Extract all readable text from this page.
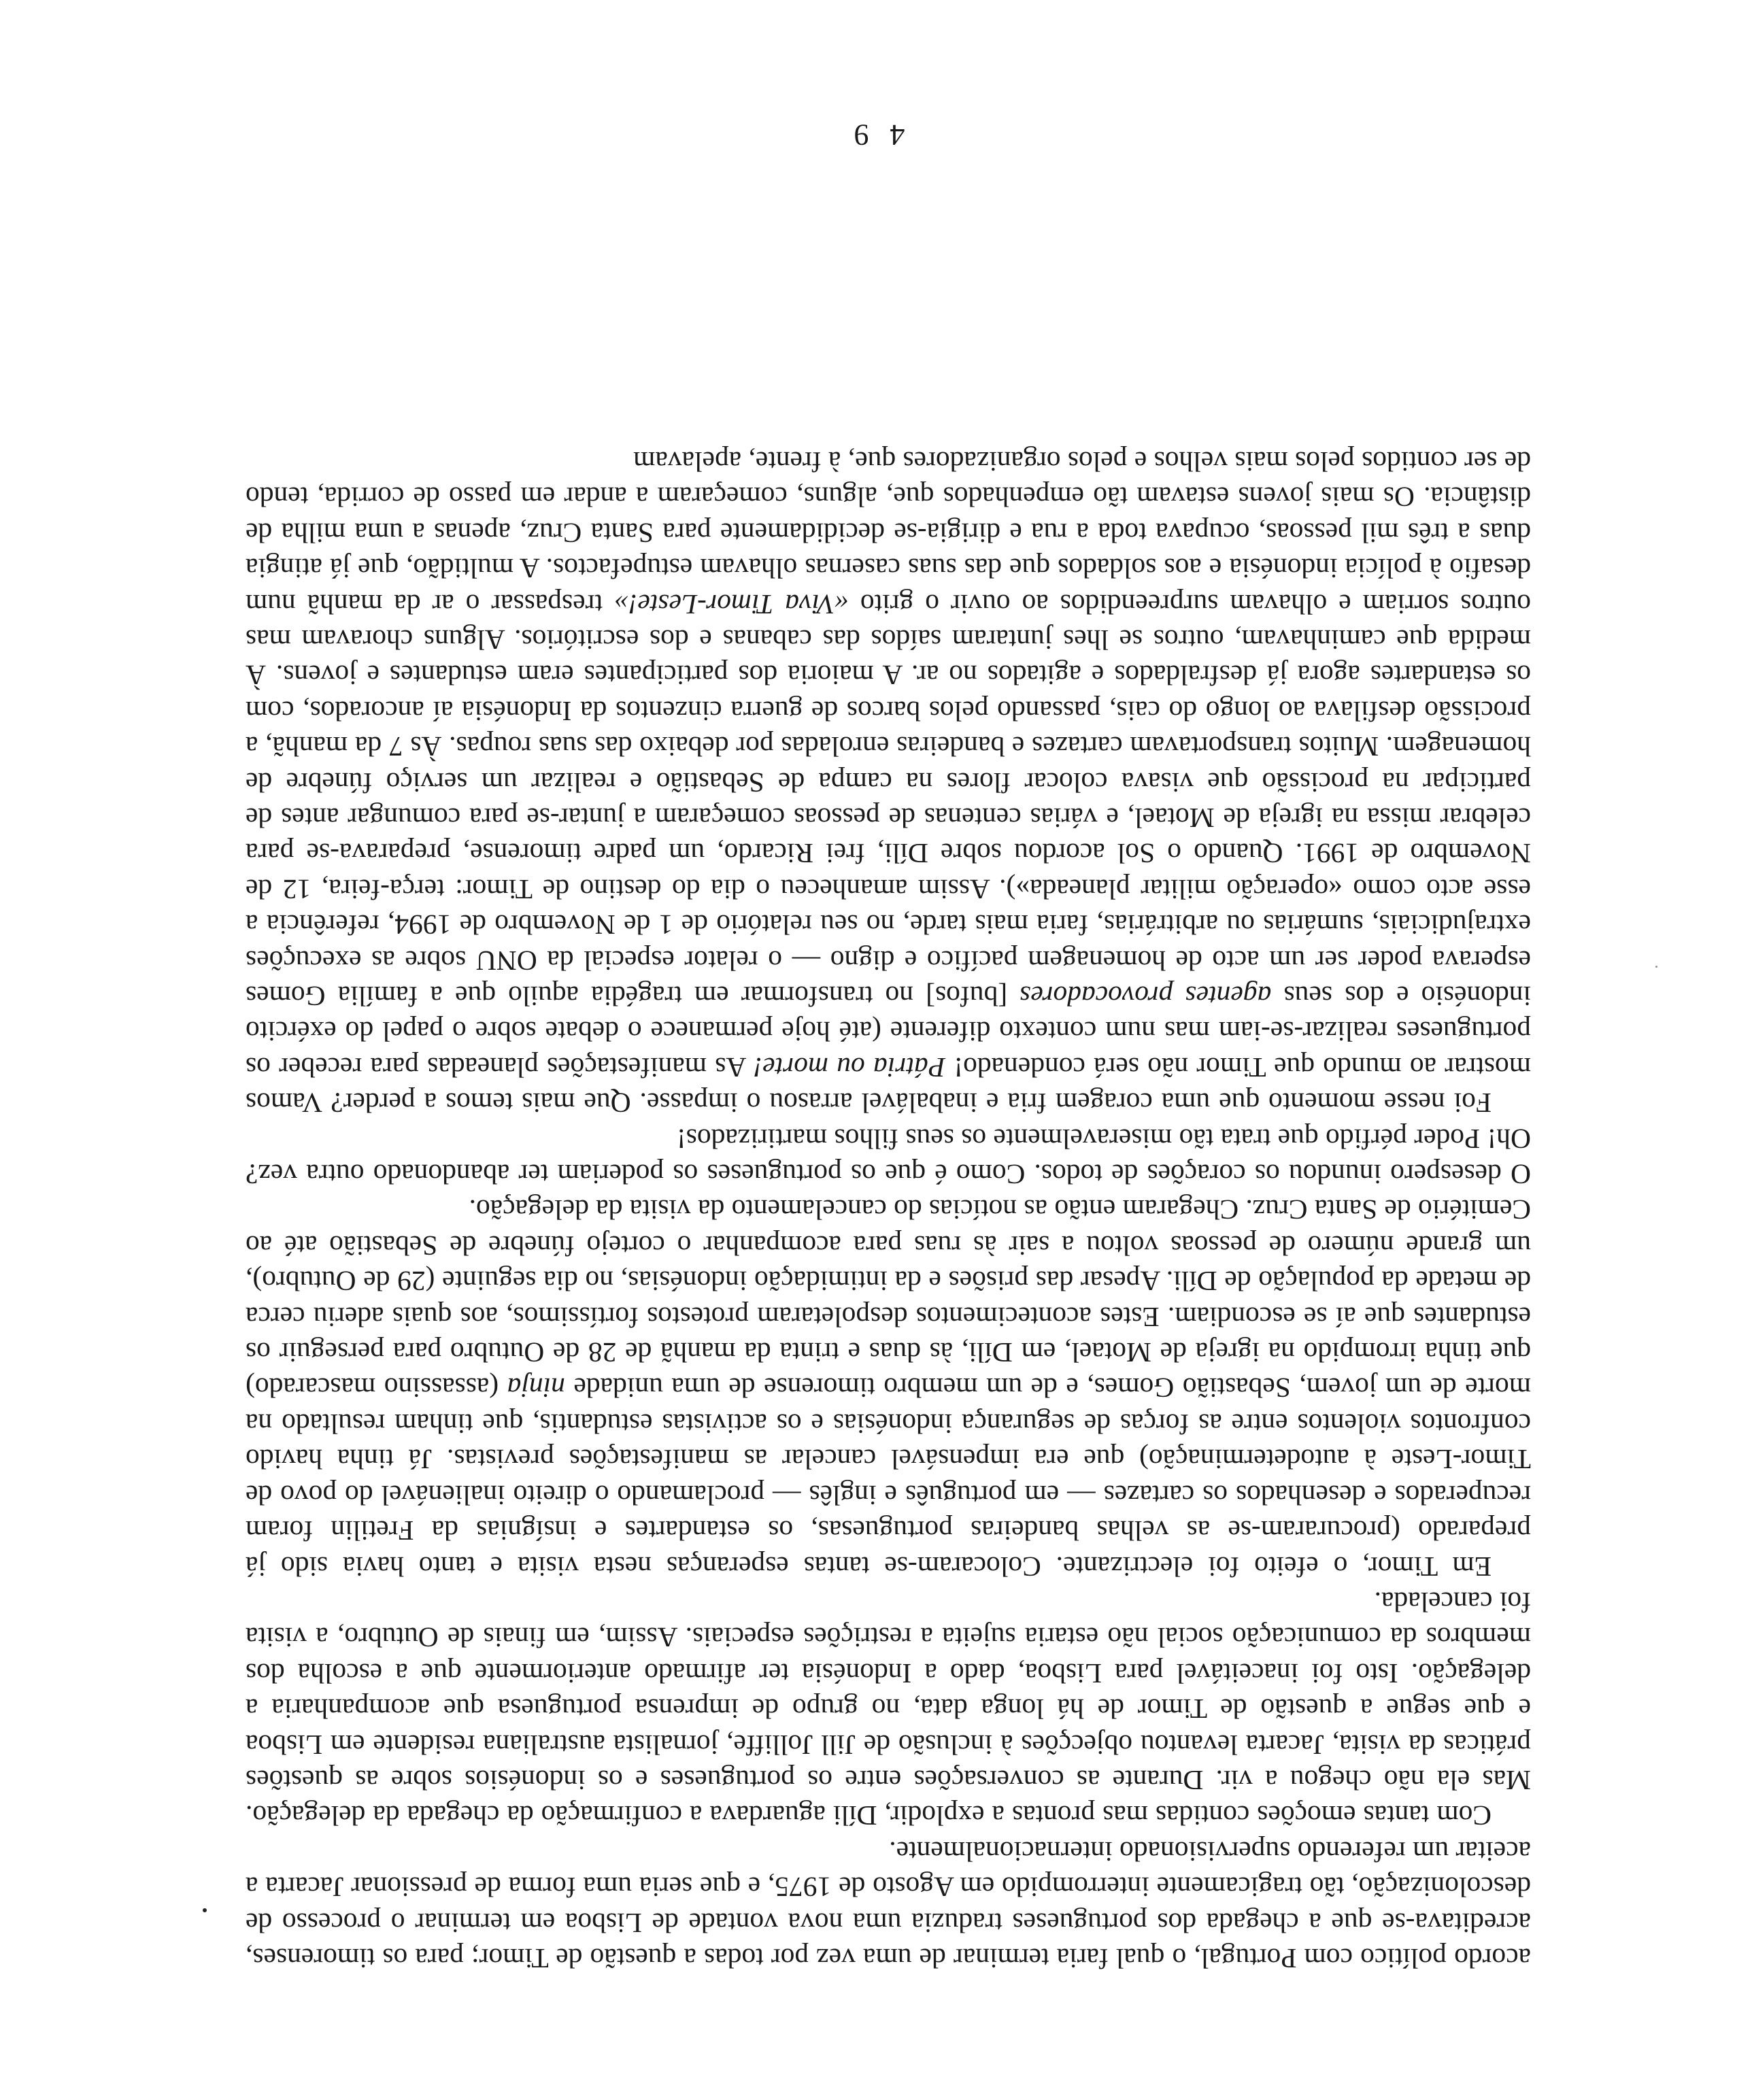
acordo político com Portugal, o qual faria terminar de uma vez por todas a questão de Timor; para os timorenses, acreditava-se que a chegada dos portugueses traduzia uma nova vontade de Lisboa em terminar o processo de descolonização, tão tragicamente interrompido em Agosto de 1975, e que seria uma forma de pressionar Jacarta a aceitar um referendo supervisionado internacionalmente.

Com tantas emoções contidas mas prontas a explodir, Díli aguardava a confirmação da chegada da delegação. Mas ela não chegou a vir. Durante as conversações entre os portugueses e os indonésios sobre as questões práticas da visita, Jacarta levantou objecções à inclusão de Jill Jolliffe, jornalista australiana residente em Lisboa e que segue a questão de Timor de há longa data, no grupo de imprensa portuguesa que acompanharia a delegação. Isto foi inaceitável para Lisboa, dado a Indonésia ter afirmado anteriormente que a escolha dos membros da comunicação social não estaria sujeita a restrições especiais. Assim, em finais de Outubro, a visita foi cancelada.

Em Timor, o efeito foi electrizante. Colocaram-se tantas esperanças nesta visita e tanto havia sido já preparado (procuraram-se as velhas bandeiras portuguesas, os estandartes e insígnias da Fretilin foram recuperados e desenhados os cartazes — em português e inglês — proclamando o direito inalienável do povo de Timor-Leste à autodeterminação) que era impensável cancelar as manifestações previstas. Já tinha havido confrontos violentos entre as forças de segurança indonésias e os activistas estudantis, que tinham resultado na morte de um jovem, Sebastião Gomes, e de um membro timorense de uma unidade ninja (assassino mascarado) que tinha irrompido na igreja de Motael, em Díli, às duas e trinta da manhã de 28 de Outubro para perseguir os estudantes que aí se escondiam. Estes acontecimentos despoletaram protestos fortíssimos, aos quais aderiu cerca de metade da população de Díli. Apesar das prisões e da intimidação indonésias, no dia seguinte (29 de Outubro), um grande número de pessoas voltou a sair às ruas para acompanhar o cortejo fúnebre de Sebastião até ao Cemitério de Santa Cruz. Chegaram então as notícias do cancelamento da visita da delegação.

O desespero inundou os corações de todos. Como é que os portugueses os poderiam ter abandonado outra vez? Oh! Poder pérfido que trata tão miseravelmente os seus filhos martirizados!

Foi nesse momento que uma coragem fria e inabalável arrasou o impasse. Que mais temos a perder? Vamos mostrar ao mundo que Timor não será condenado! Pátria ou morte! As manifestações planeadas para receber os portugueses realizar-se-iam mas num contexto diferente (até hoje permanece o debate sobre o papel do exército indonésio e dos seus agentes provocadores [bufos] no transformar em tragédia aquilo que a família Gomes esperava poder ser um acto de homenagem pacífico e digno — o relator especial da ONU sobre as execuções extrajudiciais, sumárias ou arbitrárias, faria mais tarde, no seu relatório de 1 de Novembro de 1994, referência a esse acto como «operação militar planeada»). Assim amanheceu o dia do destino de Timor: terça-feira, 12 de Novembro de 1991. Quando o Sol acordou sobre Díli, frei Ricardo, um padre timorense, preparava-se para celebrar missa na igreja de Motael, e várias centenas de pessoas começaram a juntar-se para comungar antes de participar na procissão que visava colocar flores na campa de Sebastião e realizar um serviço fúnebre de homenagem. Muitos transportavam cartazes e bandeiras enroladas por debaixo das suas roupas. Às 7 da manhã, a procissão desfilava ao longo do cais, passando pelos barcos de guerra cinzentos da Indonésia aí ancorados, com os estandartes agora já desfraldados e agitados no ar. A maioria dos participantes eram estudantes e jovens. À medida que caminhavam, outros se lhes juntaram saídos das cabanas e dos escritórios. Alguns choravam mas outros sorriam e olhavam surpreendidos ao ouvir o grito «Viva Timor-Leste!» trespassar o ar da manhã num desafio à polícia indonésia e aos soldados que das suas casernas olhavam estupefactos. A multidão, que já atingia duas a três mil pessoas, ocupava toda a rua e dirigia-se decididamente para Santa Cruz, apenas a uma milha de distância. Os mais jovens estavam tão empenhados que, alguns, começaram a andar em passo de corrida, tendo de ser contidos pelos mais velhos e pelos organizadores que, à frente, apelavam

4 9
